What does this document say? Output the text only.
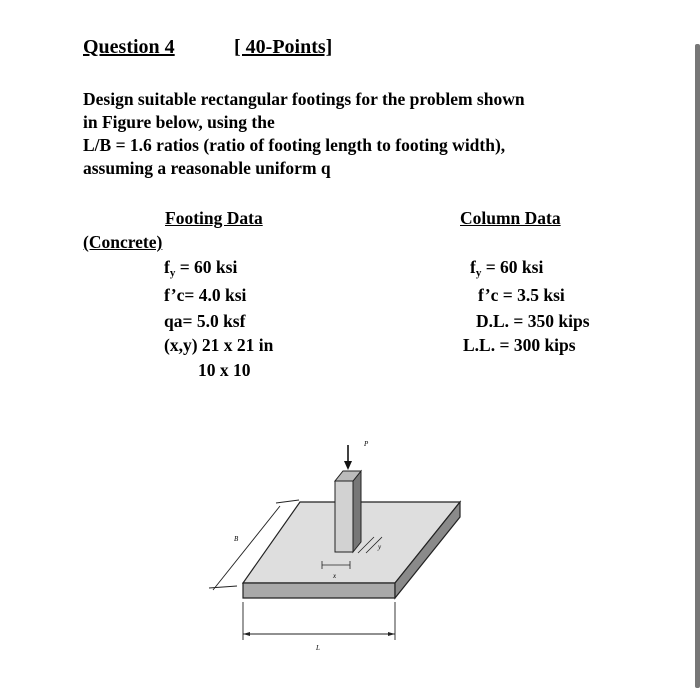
Question 4	[ 40-Points]
Design suitable rectangular footings for the problem shown
in Figure below, using the
L/B = 1.6 ratios (ratio of footing length to footing width),
assuming a reasonable uniform q
Footing Data
(Concrete)
$f_y = 60$ ksi
f’c= 4.0 ksi
qa= 5.0 ksf
(x,y) 21 x 21 in
10 x 10
Column Data
$f_y = 60$ ksi
f’c = 3.5 ksi
D.L. = 350 kips
L.L. = 300 kips
P
B
L
x
y
